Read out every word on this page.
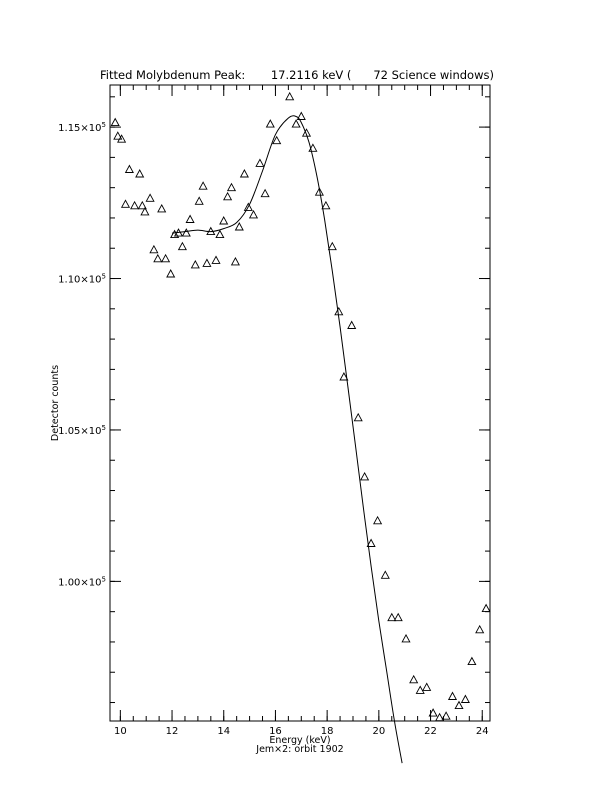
Fitted Molybdenum Peak:       17.2116 keV (      72 Science windows)
10	12	14	16	18	20	22	24
$1.00\times 10^5$
$1.05\times 10^5$
$1.10\times 10^5$
$1.15\times 10^5$
Energy (keV)
Jem×2: orbit 1902
Detector counts
